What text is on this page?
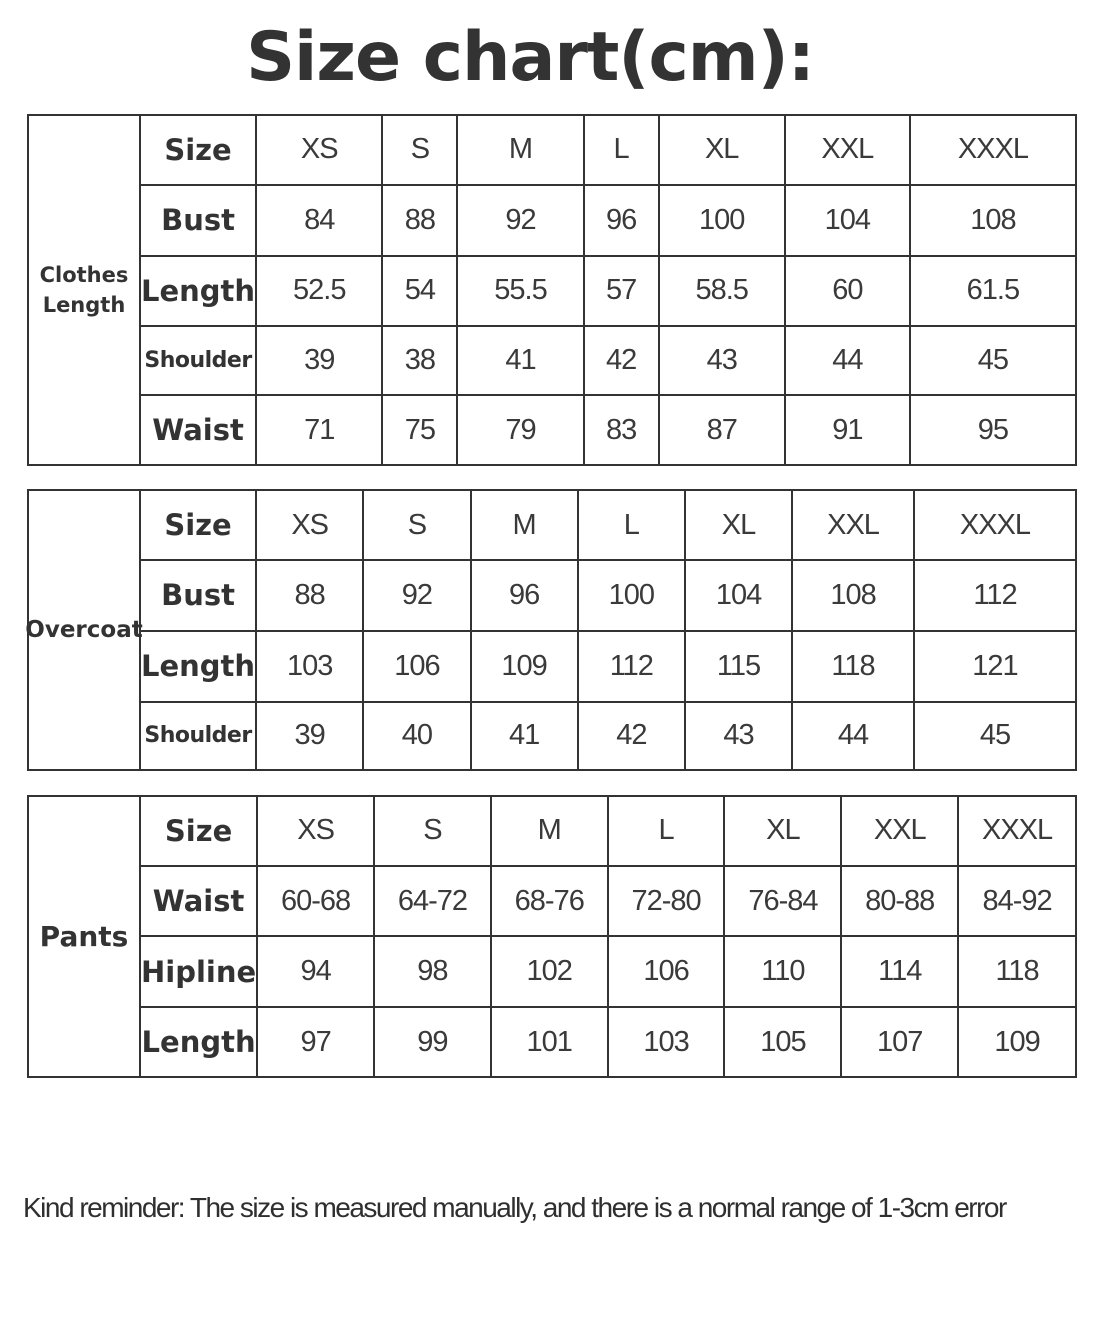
Size chart(cm):
Clothes
Length
Size	XS	S	M	L	XL	XXL	XXXL
Bust	84	88	92	96	100	104	108
Length	52.5	54	55.5	57	58.5	60	61.5
Shoulder	39	38	41	42	43	44	45
Waist	71	75	79	83	87	91	95
Overcoat
Size	XS	S	M	L	XL	XXL	XXXL
Bust	88	92	96	100	104	108	112
Length	103	106	109	112	115	118	121
Shoulder	39	40	41	42	43	44	45
Pants
Size	XS	S	M	L	XL	XXL	XXXL
Waist	60-68	64-72	68-76	72-80	76-84	80-88	84-92
Hipline	94	98	102	106	110	114	118
Length	97	99	101	103	105	107	109
Kind reminder: The size is measured manually, and there is a normal range of 1-3cm error
